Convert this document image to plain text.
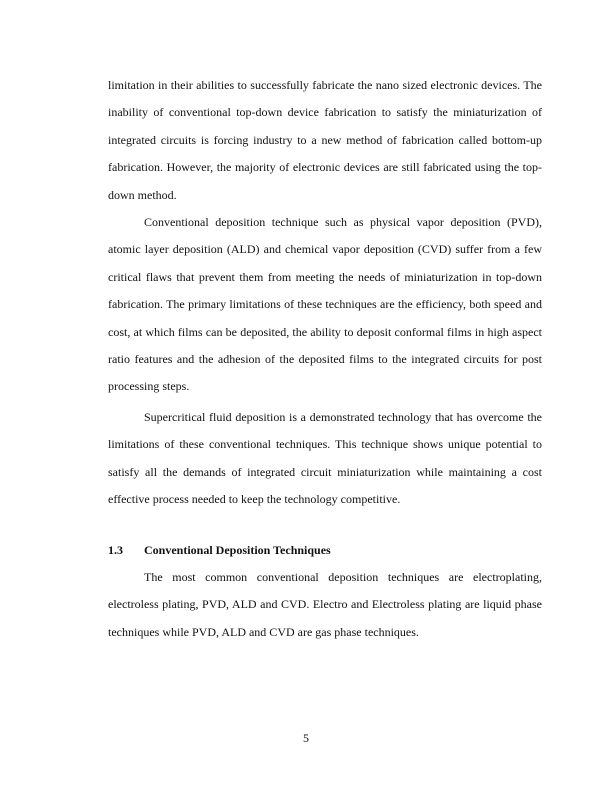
limitation in their abilities to successfully fabricate the nano sized electronic devices. The inability of conventional top-down device fabrication to satisfy the miniaturization of integrated circuits is forcing industry to a new method of fabrication called bottom-up fabrication. However, the majority of electronic devices are still fabricated using the top-down method.

Conventional deposition technique such as physical vapor deposition (PVD), atomic layer deposition (ALD) and chemical vapor deposition (CVD) suffer from a few critical flaws that prevent them from meeting the needs of miniaturization in top-down fabrication. The primary limitations of these techniques are the efficiency, both speed and cost, at which films can be deposited, the ability to deposit conformal films in high aspect ratio features and the adhesion of the deposited films to the integrated circuits for post processing steps.

Supercritical fluid deposition is a demonstrated technology that has overcome the limitations of these conventional techniques. This technique shows unique potential to satisfy all the demands of integrated circuit miniaturization while maintaining a cost effective process needed to keep the technology competitive.

1.3 Conventional Deposition Techniques

The most common conventional deposition techniques are electroplating, electroless plating, PVD, ALD and CVD. Electro and Electroless plating are liquid phase techniques while PVD, ALD and CVD are gas phase techniques.

5
